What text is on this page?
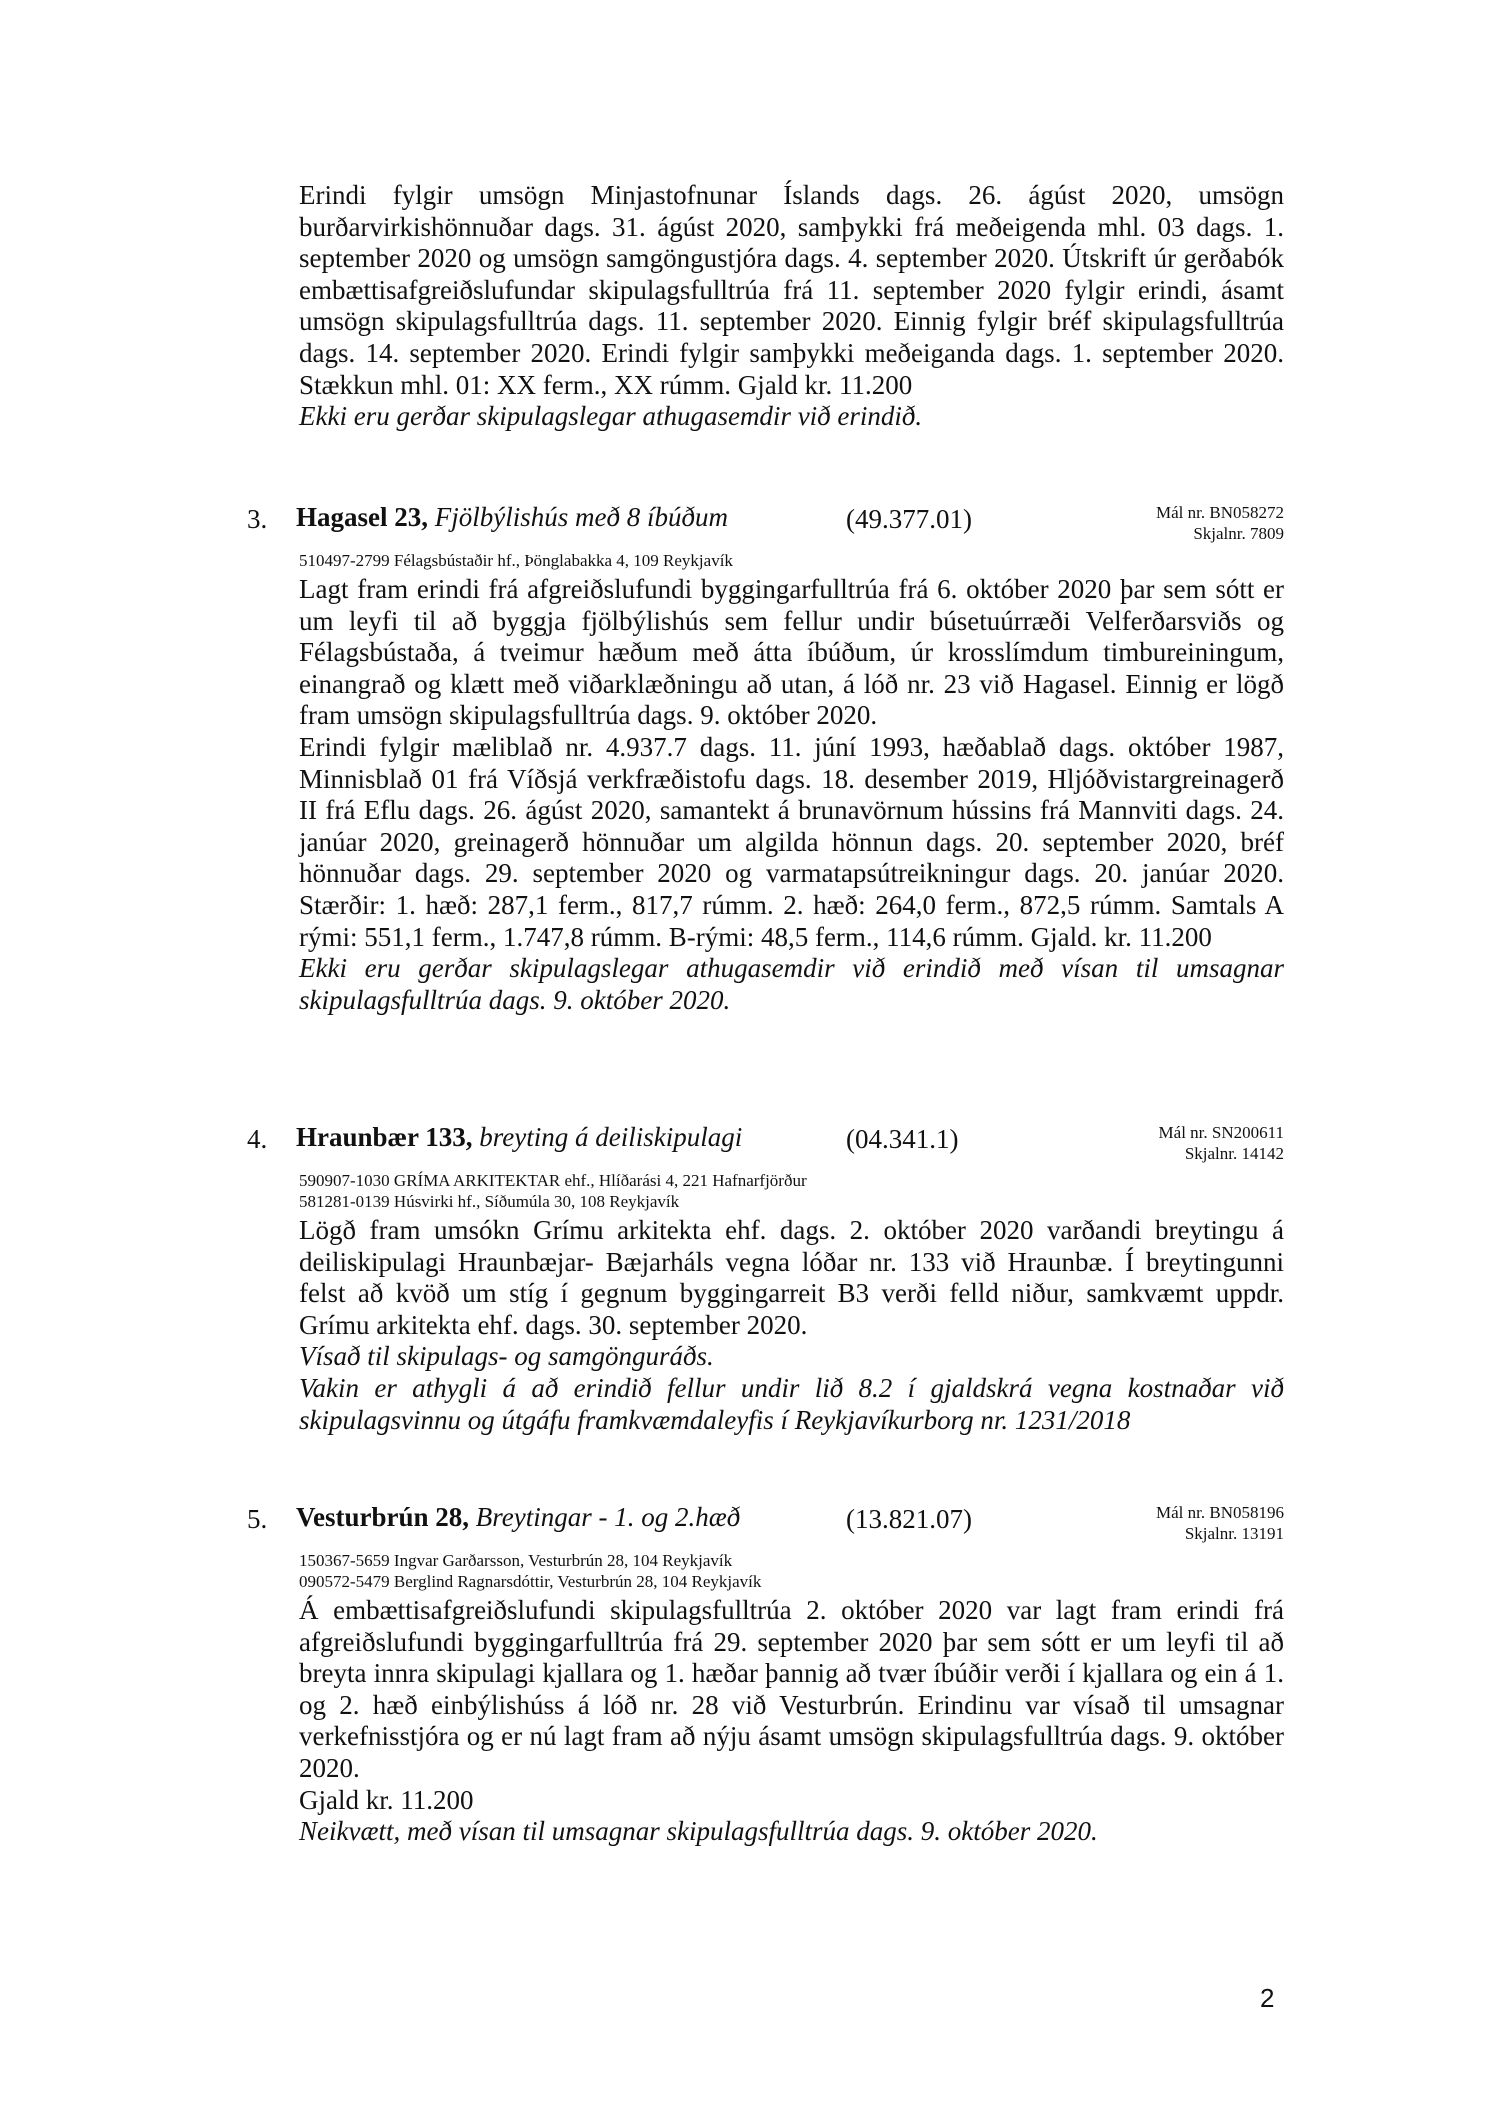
Erindi fylgir umsögn Minjastofnunar Íslands dags. 26. ágúst 2020, umsögn burðarvirkishönnuðar dags. 31. ágúst 2020, samþykki frá meðeigenda mhl. 03 dags. 1. september 2020 og umsögn samgöngustjóra dags. 4. september 2020. Útskrift úr gerðabók embættisafgreiðslufundar skipulagsfulltrúa frá 11. september 2020 fylgir erindi, ásamt umsögn skipulagsfulltrúa dags. 11. september 2020. Einnig fylgir bréf skipulagsfulltrúa dags. 14. september 2020. Erindi fylgir samþykki meðeiganda dags. 1. september 2020. Stækkun mhl. 01: XX ferm., XX rúmm. Gjald kr. 11.200

Ekki eru gerðar skipulagslegar athugasemdir við erindið.

3. Hagasel 23, Fjölbýlishús með 8 íbúðum	(49.377.01)	Mál nr. BN058272
Skjalnr. 7809
510497-2799 Félagsbústaðir hf., Þönglabakka 4, 109 Reykjavík

Lagt fram erindi frá afgreiðslufundi byggingarfulltrúa frá 6. október 2020 þar sem sótt er um leyfi til að byggja fjölbýlishús sem fellur undir búsetuúrræði Velferðarsviðs og Félagsbústaða, á tveimur hæðum með átta íbúðum, úr krosslímdum timbureiningum, einangrað og klætt með viðarklæðningu að utan, á lóð nr. 23 við Hagasel. Einnig er lögð fram umsögn skipulagsfulltrúa dags. 9. október 2020.

Erindi fylgir mæliblað nr. 4.937.7 dags. 11. júní 1993, hæðablað dags. október 1987, Minnisblað 01 frá Víðsjá verkfræðistofu dags. 18. desember 2019, Hljóðvistargreinagerð II frá Eflu dags. 26. ágúst 2020, samantekt á brunavörnum hússins frá Mannviti dags. 24. janúar 2020, greinagerð hönnuðar um algilda hönnun dags. 20. september 2020, bréf hönnuðar dags. 29. september 2020 og varmatapsútreikningur dags. 20. janúar 2020. Stærðir: 1. hæð: 287,1 ferm., 817,7 rúmm. 2. hæð: 264,0 ferm., 872,5 rúmm. Samtals A rými: 551,1 ferm., 1.747,8 rúmm. B-rými: 48,5 ferm., 114,6 rúmm. Gjald. kr. 11.200

Ekki eru gerðar skipulagslegar athugasemdir við erindið með vísan til umsagnar skipulagsfulltrúa dags. 9. október 2020.

4. Hraunbær 133, breyting á deiliskipulagi	(04.341.1)	Mál nr. SN200611
Skjalnr. 14142
590907-1030 GRÍMA ARKITEKTAR ehf., Hlíðarási 4, 221 Hafnarfjörður
581281-0139 Húsvirki hf., Síðumúla 30, 108 Reykjavík

Lögð fram umsókn Grímu arkitekta ehf. dags. 2. október 2020 varðandi breytingu á deiliskipulagi Hraunbæjar- Bæjarháls vegna lóðar nr. 133 við Hraunbæ. Í breytingunni felst að kvöð um stíg í gegnum byggingarreit B3 verði felld niður, samkvæmt uppdr. Grímu arkitekta ehf. dags. 30. september 2020.

Vísað til skipulags- og samgönguráðs.

Vakin er athygli á að erindið fellur undir lið 8.2 í gjaldskrá vegna kostnaðar við skipulagsvinnu og útgáfu framkvæmdaleyfis í Reykjavíkurborg nr. 1231/2018

5. Vesturbrún 28, Breytingar - 1. og 2.hæð	(13.821.07)	Mál nr. BN058196
Skjalnr. 13191
150367-5659 Ingvar Garðarsson, Vesturbrún 28, 104 Reykjavík
090572-5479 Berglind Ragnarsdóttir, Vesturbrún 28, 104 Reykjavík

Á embættisafgreiðslufundi skipulagsfulltrúa 2. október 2020 var lagt fram erindi frá afgreiðslufundi byggingarfulltrúa frá 29. september 2020 þar sem sótt er um leyfi til að breyta innra skipulagi kjallara og 1. hæðar þannig að tvær íbúðir verði í kjallara og ein á 1. og 2. hæð einbýlishúss á lóð nr. 28 við Vesturbrún. Erindinu var vísað til umsagnar verkefnisstjóra og er nú lagt fram að nýju ásamt umsögn skipulagsfulltrúa dags. 9. október 2020.

Gjald kr. 11.200

Neikvætt, með vísan til umsagnar skipulagsfulltrúa dags. 9. október 2020.

2
